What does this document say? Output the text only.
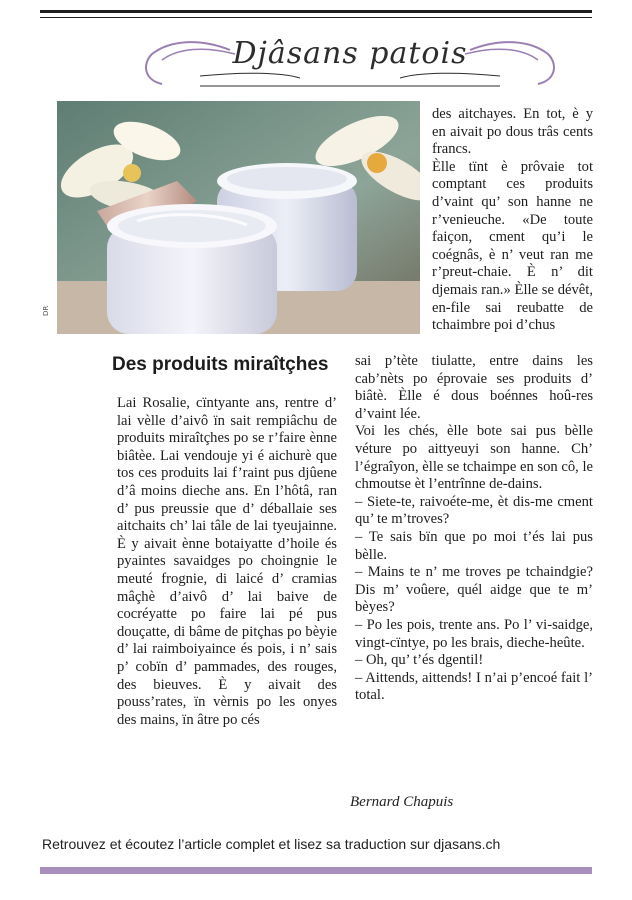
Djâsans patois
DR
Des produits miraîtçhes

Lai Rosalie, cïntyante ans, rentre d’ lai vèlle d’aivô ïn sait rempiâchu de produits miraîtçhes po se r’faire ènne biâtèe. Lai vendouje yi é aichurè que tos ces produits lai f’raint pus djûene d’â moins dieche ans. En l’hôtâ, ran d’ pus preussie que d’ déballaie ses aitchaits ch’ lai tâle de lai tyeujainne. È y aivait ènne botaiyatte d’hoile és pyaintes savaidges po choingnie le meuté frognie, di laicé d’ cramias mâçhè d’aivô d’ lai baive de cocréyatte po faire lai pé pus douçatte, di bâme de pitçhas po bèyie d’ lai raimboiyaince és pois, i n’ sais p’ cobïn d’ pammades, des rouges, des bieuves. È y aivait des pouss’rates, ïn vèrnis po les onyes des mains, ïn âtre po cés

des aitchayes. En tot, è y en aivait po dous trâs cents francs.

Èlle tïnt è prôvaie tot comptant ces produits d’vaint qu’ son hanne ne r’venieuche. «De toute faiçon, cment qu’i le coégnâs, è n’ veut ran me r’preut-chaie. È n’ dit djemais ran.» Èlle se dévêt, en-file sai reubatte de tchaimbre poi d’chus

sai p’tète tiulatte, entre dains les cab’nèts po éprovaie ses produits d’ biâtè. Èlle é dous boénnes hoû-res d’vaint lée.

Voi les chés, èlle bote sai pus bèlle véture po aittyeuyi son hanne. Ch’ l’égraîyon, èlle se tchaimpe en son cô, le chmoutse èt l’entrînne de-dains.

– Siete-te, raivoéte-me, èt dis-me cment qu’ te m’troves?

– Te sais bïn que po moi t’és lai pus bèlle.

– Mains te n’ me troves pe tchaindgie? Dis m’ voûere, quél aidge que te m’ bèyes?

– Po les pois, trente ans. Po l’ vi-saidge, vingt-cïntye, po les brais, dieche-heûte.

– Oh, qu’ t’és dgentil!

– Aittends, aittends! I n’ai p’encoé fait l’ total.

Bernard Chapuis
Retrouvez et écoutez l’article complet et lisez sa traduction sur djasans.ch
